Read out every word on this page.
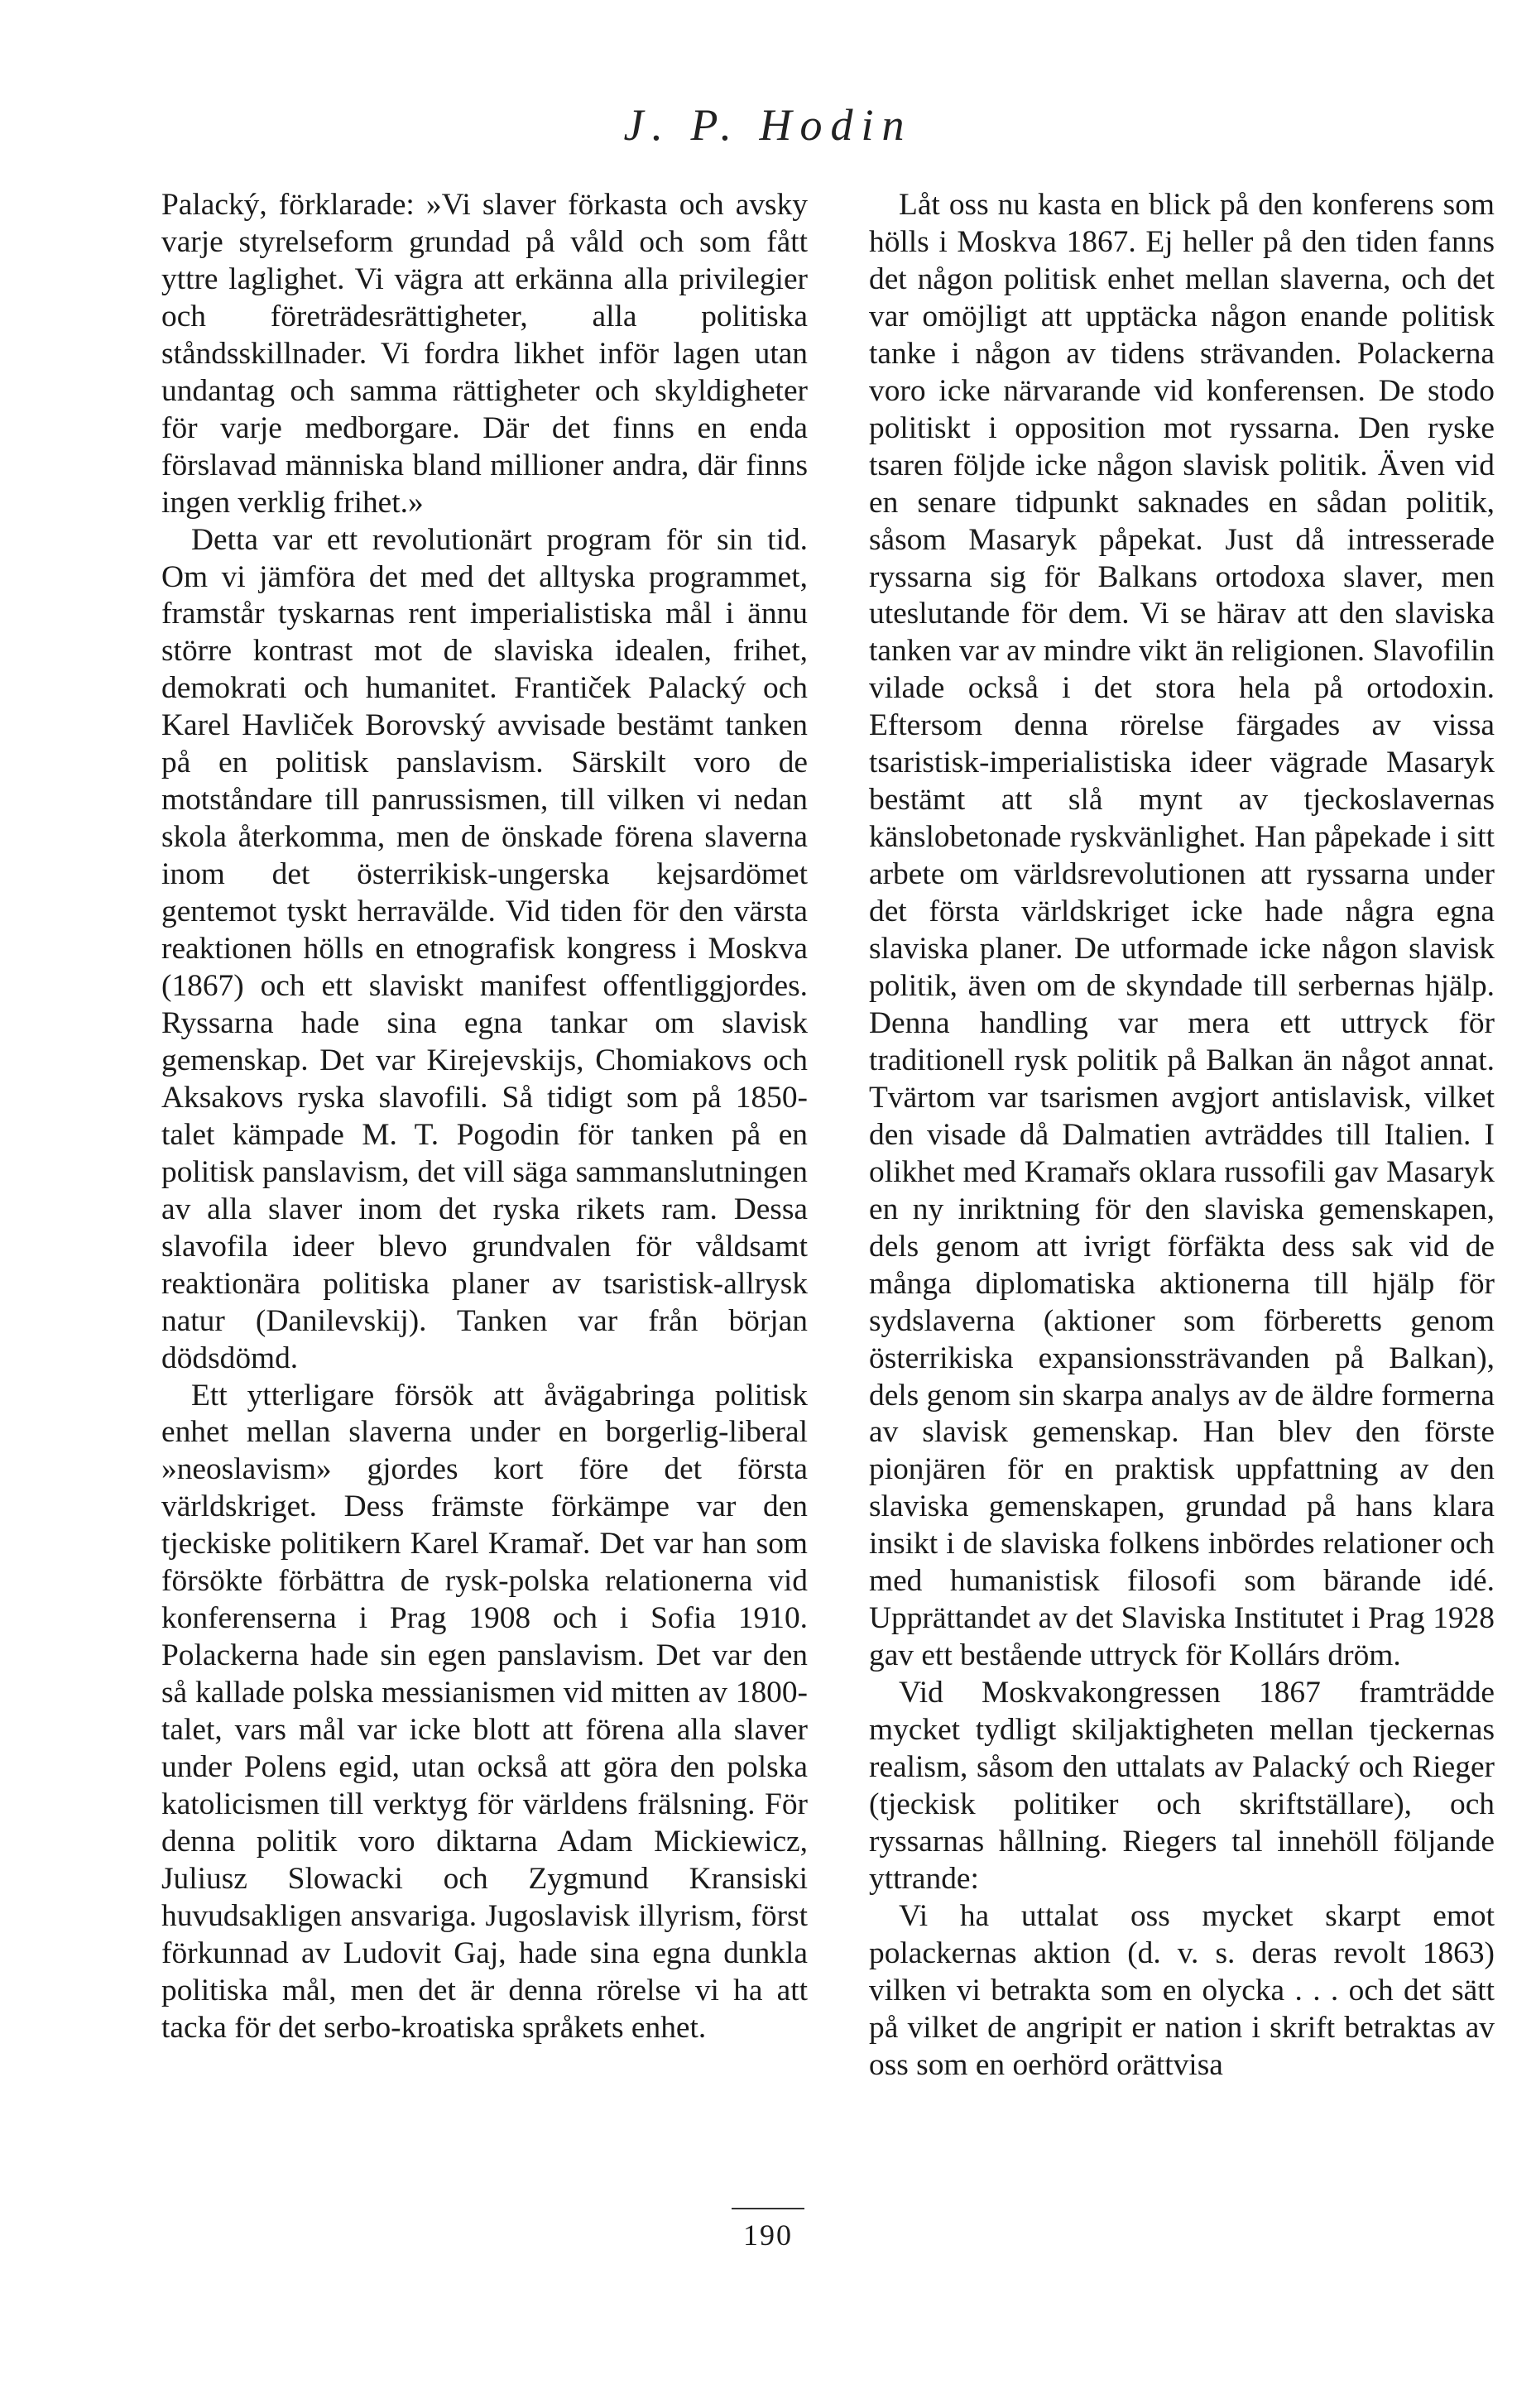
J. P. Hodin

Palacký, förklarade: »Vi slaver förkasta och avsky varje styrelseform grundad på våld och som fått yttre laglighet. Vi vägra att erkänna alla privilegier och företrädesrättigheter, alla politiska ståndsskillnader. Vi fordra likhet inför lagen utan undantag och samma rättigheter och skyldigheter för varje medborgare. Där det finns en enda förslavad människa bland millioner andra, där finns ingen verklig frihet.»

Detta var ett revolutionärt program för sin tid. Om vi jämföra det med det alltyska programmet, framstår tyskarnas rent imperialistiska mål i ännu större kontrast mot de slaviska idealen, frihet, demokrati och humanitet. Frantiček Palacký och Karel Havliček Borovský avvisade bestämt tanken på en politisk panslavism. Särskilt voro de motståndare till panrussismen, till vilken vi nedan skola återkomma, men de önskade förena slaverna inom det österrikisk-ungerska kejsardömet gentemot tyskt herravälde. Vid tiden för den värsta reaktionen hölls en etnografisk kongress i Moskva (1867) och ett slaviskt manifest offentliggjordes. Ryssarna hade sina egna tankar om slavisk gemenskap. Det var Kirejevskijs, Chomiakovs och Aksakovs ryska slavofili. Så tidigt som på 1850-talet kämpade M. T. Pogodin för tanken på en politisk panslavism, det vill säga sammanslutningen av alla slaver inom det ryska rikets ram. Dessa slavofila ideer blevo grundvalen för våldsamt reaktionära politiska planer av tsaristisk-allrysk natur (Danilevskij). Tanken var från början dödsdömd.

Ett ytterligare försök att åvägabringa politisk enhet mellan slaverna under en borgerlig-liberal »neoslavism» gjordes kort före det första världskriget. Dess främste förkämpe var den tjeckiske politikern Karel Kramař. Det var han som försökte förbättra de rysk-polska relationerna vid konferenserna i Prag 1908 och i Sofia 1910. Polackerna hade sin egen panslavism. Det var den så kallade polska messianismen vid mitten av 1800-talet, vars mål var icke blott att förena alla slaver under Polens egid, utan också att göra den polska katolicismen till verktyg för världens frälsning. För denna politik voro diktarna Adam Mickiewicz, Juliusz Slowacki och Zygmund Kransiski huvudsakligen ansvariga. Jugoslavisk illyrism, först förkunnad av Ludovit Gaj, hade sina egna dunkla politiska mål, men det är denna rörelse vi ha att tacka för det serbo-kroatiska språkets enhet.

Låt oss nu kasta en blick på den konferens som hölls i Moskva 1867. Ej heller på den tiden fanns det någon politisk enhet mellan slaverna, och det var omöjligt att upptäcka någon enande politisk tanke i någon av tidens strävanden. Polackerna voro icke närvarande vid konferensen. De stodo politiskt i opposition mot ryssarna. Den ryske tsaren följde icke någon slavisk politik. Även vid en senare tidpunkt saknades en sådan politik, såsom Masaryk påpekat. Just då intresserade ryssarna sig för Balkans ortodoxa slaver, men uteslutande för dem. Vi se härav att den slaviska tanken var av mindre vikt än religionen. Slavofilin vilade också i det stora hela på ortodoxin. Eftersom denna rörelse färgades av vissa tsaristisk-imperialistiska ideer vägrade Masaryk bestämt att slå mynt av tjeckoslavernas känslobetonade ryskvänlighet. Han påpekade i sitt arbete om världsrevolutionen att ryssarna under det första världskriget icke hade några egna slaviska planer. De utformade icke någon slavisk politik, även om de skyndade till serbernas hjälp. Denna handling var mera ett uttryck för traditionell rysk politik på Balkan än något annat. Tvärtom var tsarismen avgjort antislavisk, vilket den visade då Dalmatien avträddes till Italien. I olikhet med Kramařs oklara russofili gav Masaryk en ny inriktning för den slaviska gemenskapen, dels genom att ivrigt förfäkta dess sak vid de många diplomatiska aktionerna till hjälp för sydslaverna (aktioner som förberetts genom österrikiska expansionssträvanden på Balkan), dels genom sin skarpa analys av de äldre formerna av slavisk gemenskap. Han blev den förste pionjären för en praktisk uppfattning av den slaviska gemenskapen, grundad på hans klara insikt i de slaviska folkens inbördes relationer och med humanistisk filosofi som bärande idé. Upprättandet av det Slaviska Institutet i Prag 1928 gav ett bestående uttryck för Kollárs dröm.

Vid Moskvakongressen 1867 framträdde mycket tydligt skiljaktigheten mellan tjeckernas realism, såsom den uttalats av Palacký och Rieger (tjeckisk politiker och skriftställare), och ryssarnas hållning. Riegers tal innehöll följande yttrande:

Vi ha uttalat oss mycket skarpt emot polackernas aktion (d. v. s. deras revolt 1863) vilken vi betrakta som en olycka . . . och det sätt på vilket de angripit er nation i skrift betraktas av oss som en oerhörd orättvisa

190
